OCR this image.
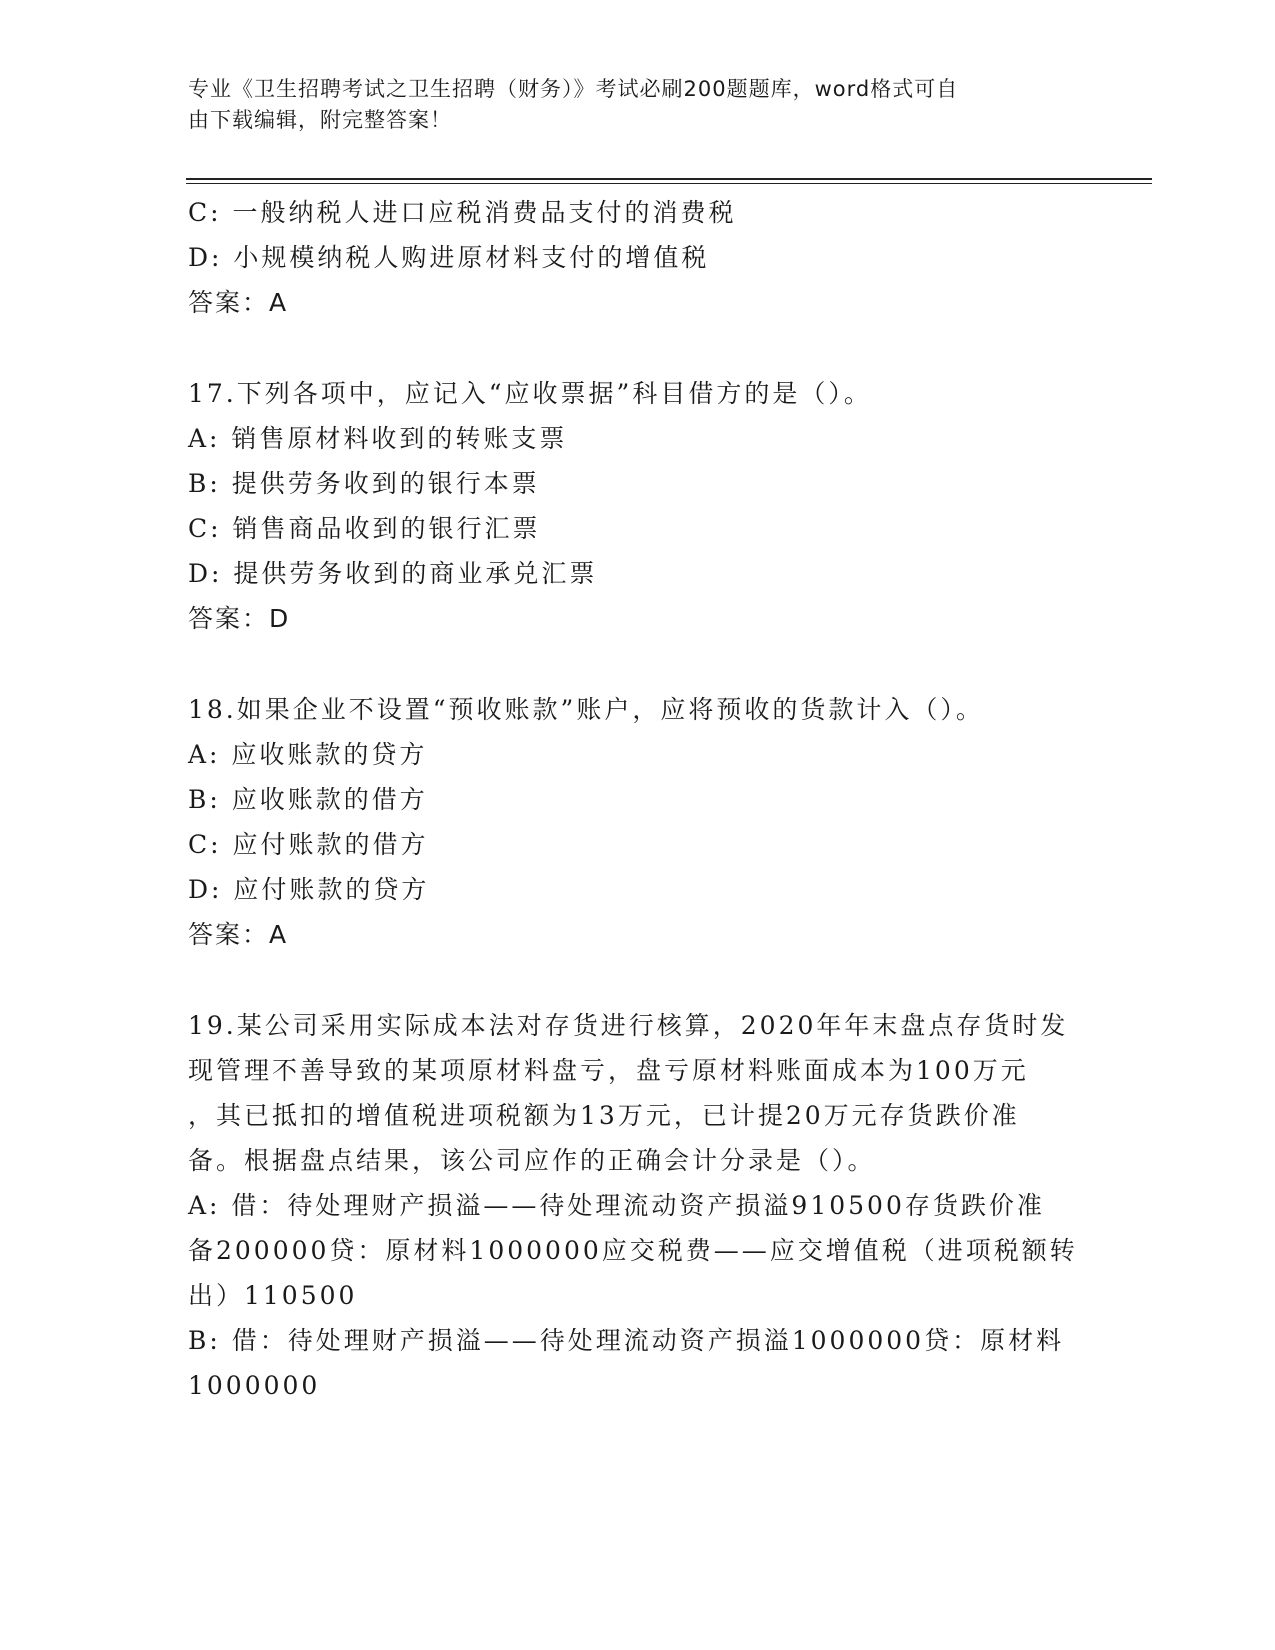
专业《卫生招聘考试之卫生招聘（财务）》考试必刷200题题库，word格式可自
由下载编辑，附完整答案！
C: 一般纳税人进口应税消费品支付的消费税
D: 小规模纳税人购进原材料支付的增值税
答案：A
17.下列各项中，应记入“应收票据”科目借方的是（）。
A: 销售原材料收到的转账支票
B: 提供劳务收到的银行本票
C: 销售商品收到的银行汇票
D: 提供劳务收到的商业承兑汇票
答案：D
18.如果企业不设置“预收账款”账户，应将预收的货款计入（）。
A: 应收账款的贷方
B: 应收账款的借方
C: 应付账款的借方
D: 应付账款的贷方
答案：A
19.某公司采用实际成本法对存货进行核算，2020年年末盘点存货时发
现管理不善导致的某项原材料盘亏，盘亏原材料账面成本为100万元
，其已抵扣的增值税进项税额为13万元，已计提20万元存货跌价准
备。根据盘点结果，该公司应作的正确会计分录是（）。
A: 借：待处理财产损溢——待处理流动资产损溢910500存货跌价准
备200000贷：原材料1000000应交税费——应交增值税（进项税额转
出）110500
B: 借：待处理财产损溢——待处理流动资产损溢1000000贷：原材料
1000000
